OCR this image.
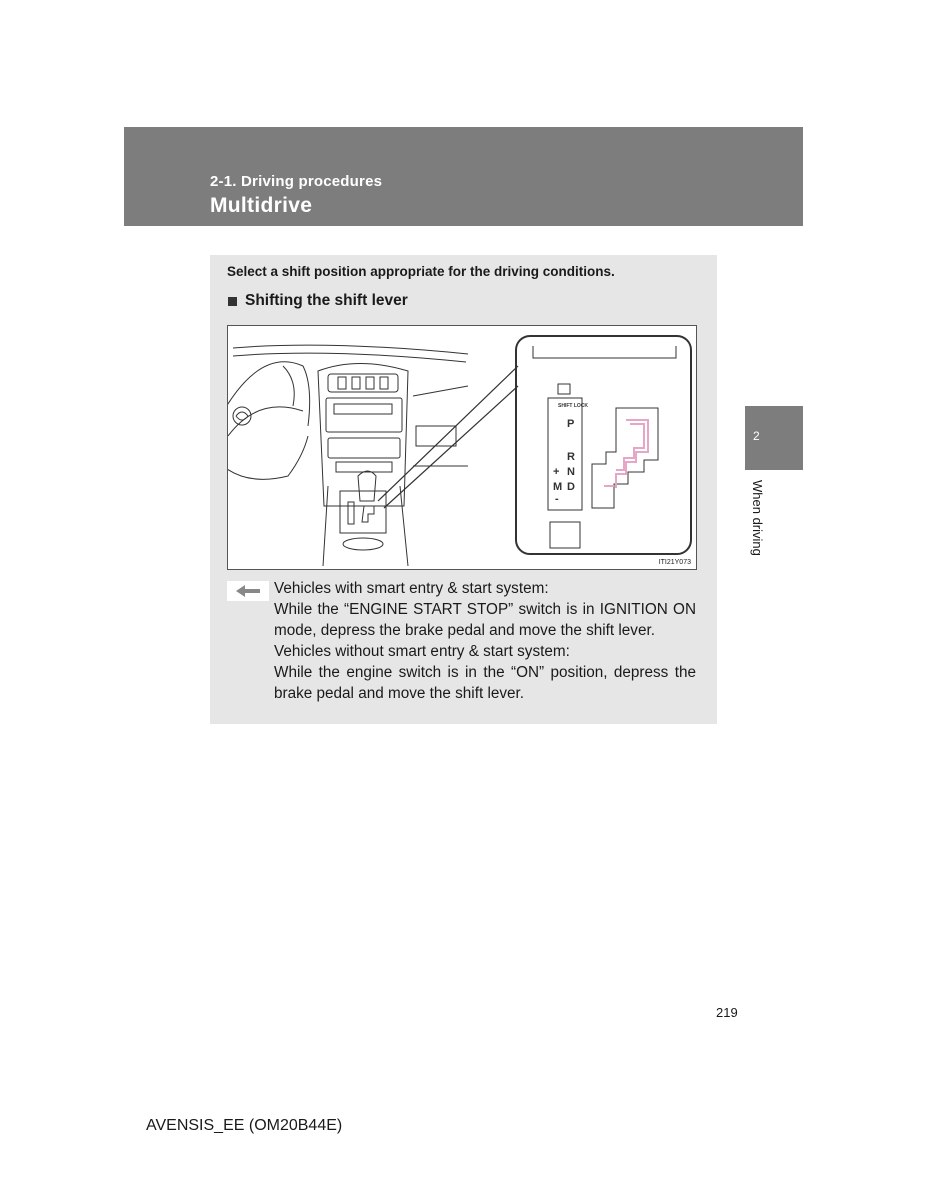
2-1. Driving procedures
Multidrive
2
When driving
Select a shift position appropriate for the driving conditions.
Shifting the shift lever
SHIFT LOCK
P
R
N
D
M
+
-
ITI21Y073

Vehicles with smart entry & start system:

While the “ENGINE START STOP” switch is in IGNITION ON mode, depress the brake pedal and move the shift lever.

Vehicles without smart entry & start system:

While the engine switch is in the “ON” position, depress the brake pedal and move the shift lever.

219
AVENSIS_EE (OM20B44E)
